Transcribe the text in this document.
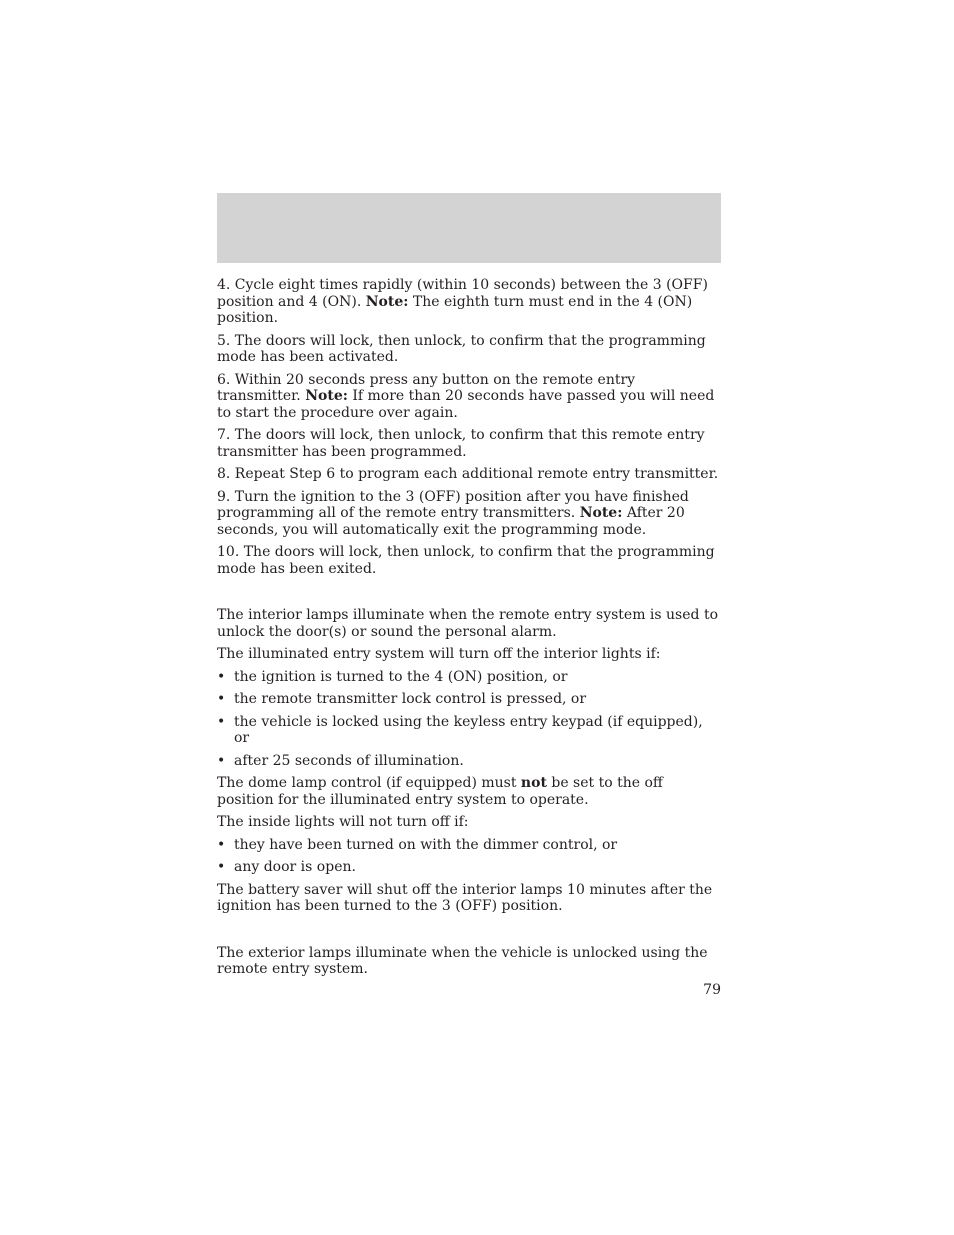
4. Cycle eight times rapidly (within 10 seconds) between the 3 (OFF) position and 4 (ON). Note: The eighth turn must end in the 4 (ON) position.

5. The doors will lock, then unlock, to confirm that the programming mode has been activated.

6. Within 20 seconds press any button on the remote entry transmitter. Note: If more than 20 seconds have passed you will need to start the procedure over again.

7. The doors will lock, then unlock, to confirm that this remote entry transmitter has been programmed.

8. Repeat Step 6 to program each additional remote entry transmitter.

9. Turn the ignition to the 3 (OFF) position after you have finished programming all of the remote entry transmitters. Note: After 20 seconds, you will automatically exit the programming mode.

10. The doors will lock, then unlock, to confirm that the programming mode has been exited.

The interior lamps illuminate when the remote entry system is used to unlock the door(s) or sound the personal alarm.

The illuminated entry system will turn off the interior lights if:

• the ignition is turned to the 4 (ON) position, or
• the remote transmitter lock control is pressed, or
• the vehicle is locked using the keyless entry keypad (if equipped), or
• after 25 seconds of illumination.

The dome lamp control (if equipped) must not be set to the off position for the illuminated entry system to operate.

The inside lights will not turn off if:

• they have been turned on with the dimmer control, or
• any door is open.

The battery saver will shut off the interior lamps 10 minutes after the ignition has been turned to the 3 (OFF) position.

The exterior lamps illuminate when the vehicle is unlocked using the remote entry system.

79
